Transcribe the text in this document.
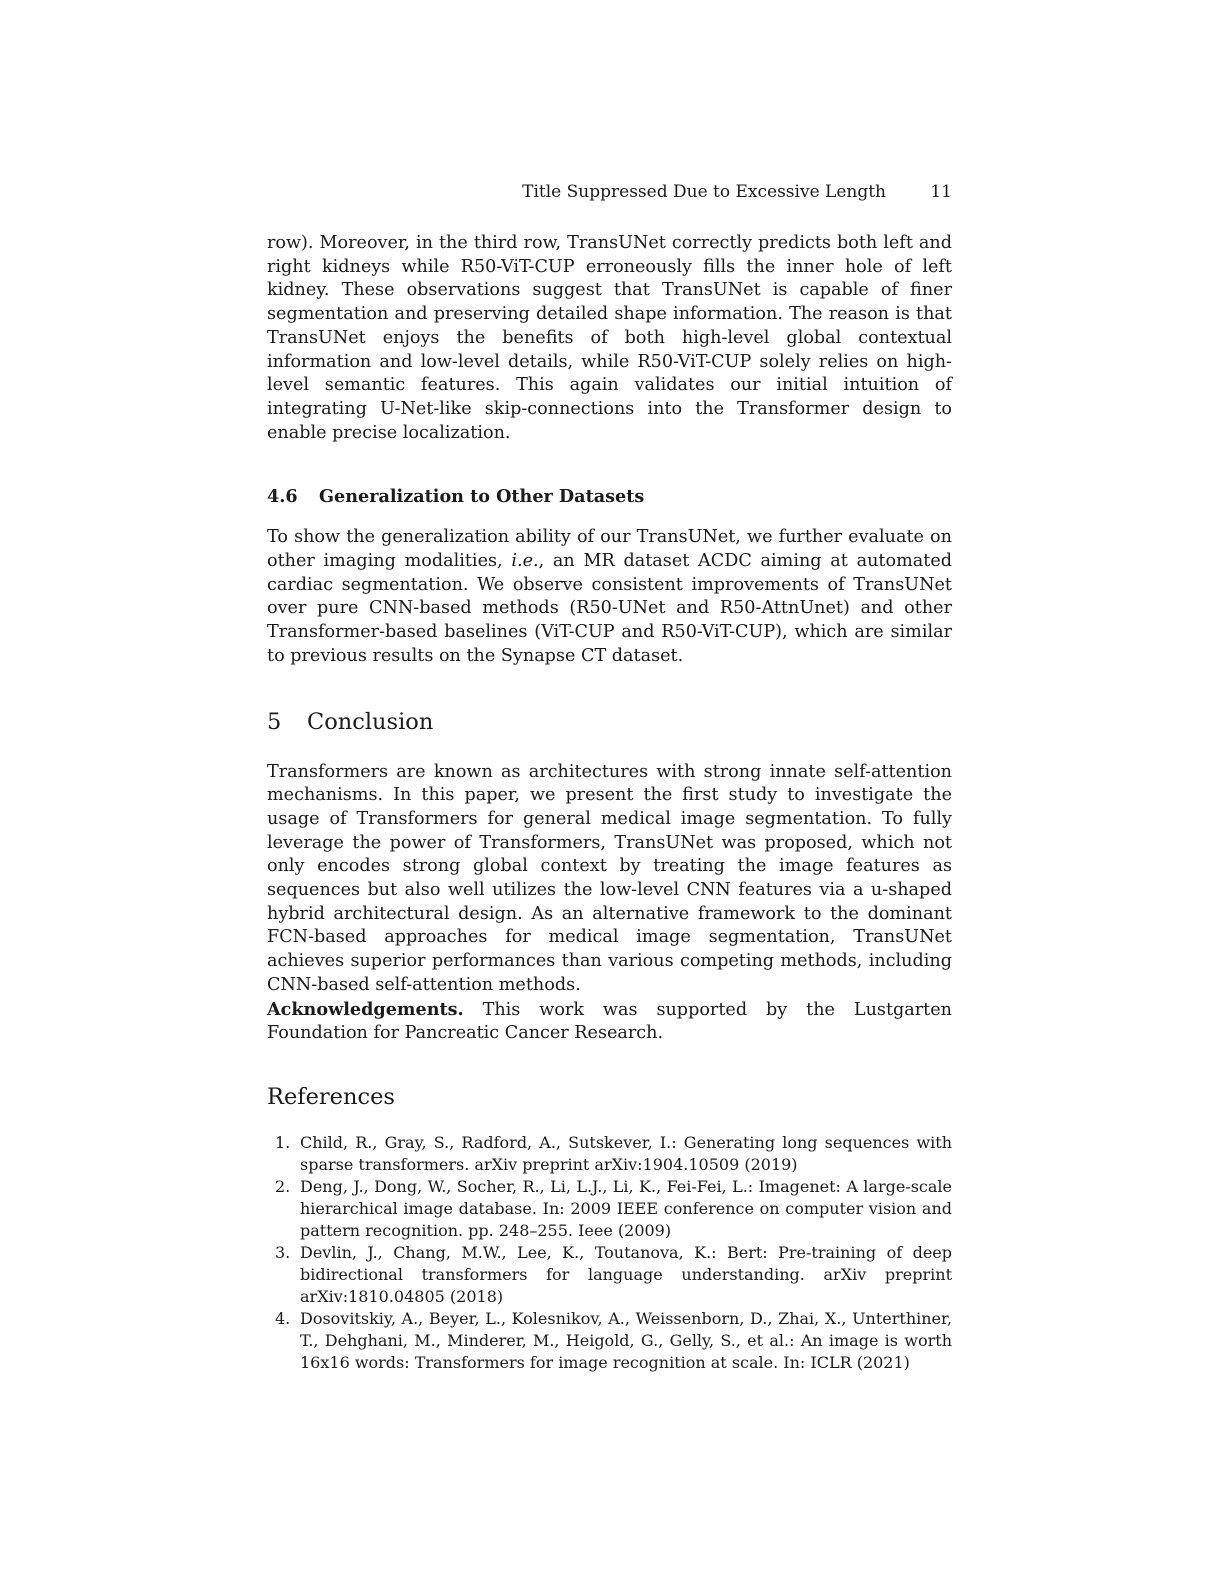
Title Suppressed Due to Excessive Length	11

row). Moreover, in the third row, TransUNet correctly predicts both left and right kidneys while R50-ViT-CUP erroneously fills the inner hole of left kidney. These observations suggest that TransUNet is capable of finer segmentation and preserving detailed shape information. The reason is that TransUNet enjoys the benefits of both high-level global contextual information and low-level details, while R50-ViT-CUP solely relies on high-level semantic features. This again validates our initial intuition of integrating U-Net-like skip-connections into the Transformer design to enable precise localization.

4.6 Generalization to Other Datasets

To show the generalization ability of our TransUNet, we further evaluate on other imaging modalities, i.e., an MR dataset ACDC aiming at automated cardiac segmentation. We observe consistent improvements of TransUNet over pure CNN-based methods (R50-UNet and R50-AttnUnet) and other Transformer-based baselines (ViT-CUP and R50-ViT-CUP), which are similar to previous results on the Synapse CT dataset.

5 Conclusion

Transformers are known as architectures with strong innate self-attention mechanisms. In this paper, we present the first study to investigate the usage of Transformers for general medical image segmentation. To fully leverage the power of Transformers, TransUNet was proposed, which not only encodes strong global context by treating the image features as sequences but also well utilizes the low-level CNN features via a u-shaped hybrid architectural design. As an alternative framework to the dominant FCN-based approaches for medical image segmentation, TransUNet achieves superior performances than various competing methods, including CNN-based self-attention methods.

Acknowledgements. This work was supported by the Lustgarten Foundation for Pancreatic Cancer Research.

References
1. Child, R., Gray, S., Radford, A., Sutskever, I.: Generating long sequences with sparse transformers. arXiv preprint arXiv:1904.10509 (2019)
2. Deng, J., Dong, W., Socher, R., Li, L.J., Li, K., Fei-Fei, L.: Imagenet: A large-scale hierarchical image database. In: 2009 IEEE conference on computer vision and pattern recognition. pp. 248–255. Ieee (2009)
3. Devlin, J., Chang, M.W., Lee, K., Toutanova, K.: Bert: Pre-training of deep bidirectional transformers for language understanding. arXiv preprint arXiv:1810.04805 (2018)
4. Dosovitskiy, A., Beyer, L., Kolesnikov, A., Weissenborn, D., Zhai, X., Unterthiner, T., Dehghani, M., Minderer, M., Heigold, G., Gelly, S., et al.: An image is worth 16x16 words: Transformers for image recognition at scale. In: ICLR (2021)
